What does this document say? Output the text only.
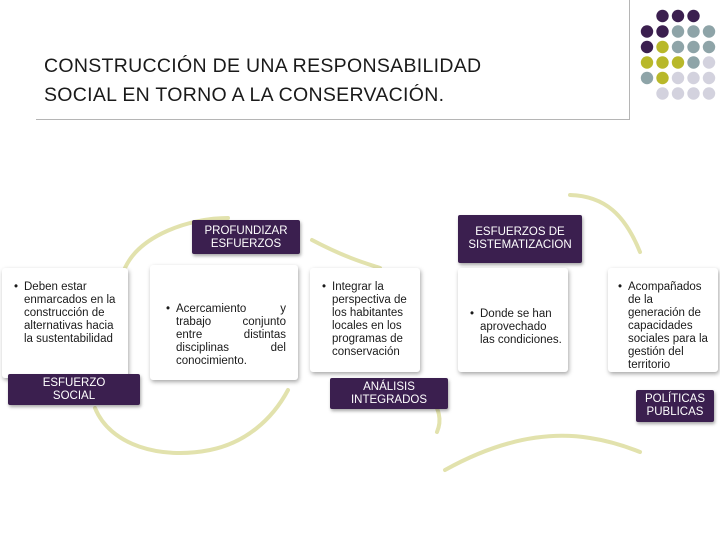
CONSTRUCCIÓN DE UNA RESPONSABILIDAD
SOCIAL EN TORNO A LA CONSERVACIÓN.
PROFUNDIZAR
ESFUERZOS
ESFUERZOS DE
SISTEMATIZACION
• Deben estar enmarcados en la construcción de alternativas hacia la sustentabilidad
• Acercamiento y trabajo conjunto entre distintas disciplinas del conocimiento.
• Integrar la perspectiva de los habitantes locales en los programas de conservación
• Donde se han aprovechado las condiciones.
• Acompañados de la generación de capacidades sociales para la gestión del territorio
ESFUERZO
SOCIAL
ANÁLISIS
INTEGRADOS	POLÍTICAS
PUBLICAS
